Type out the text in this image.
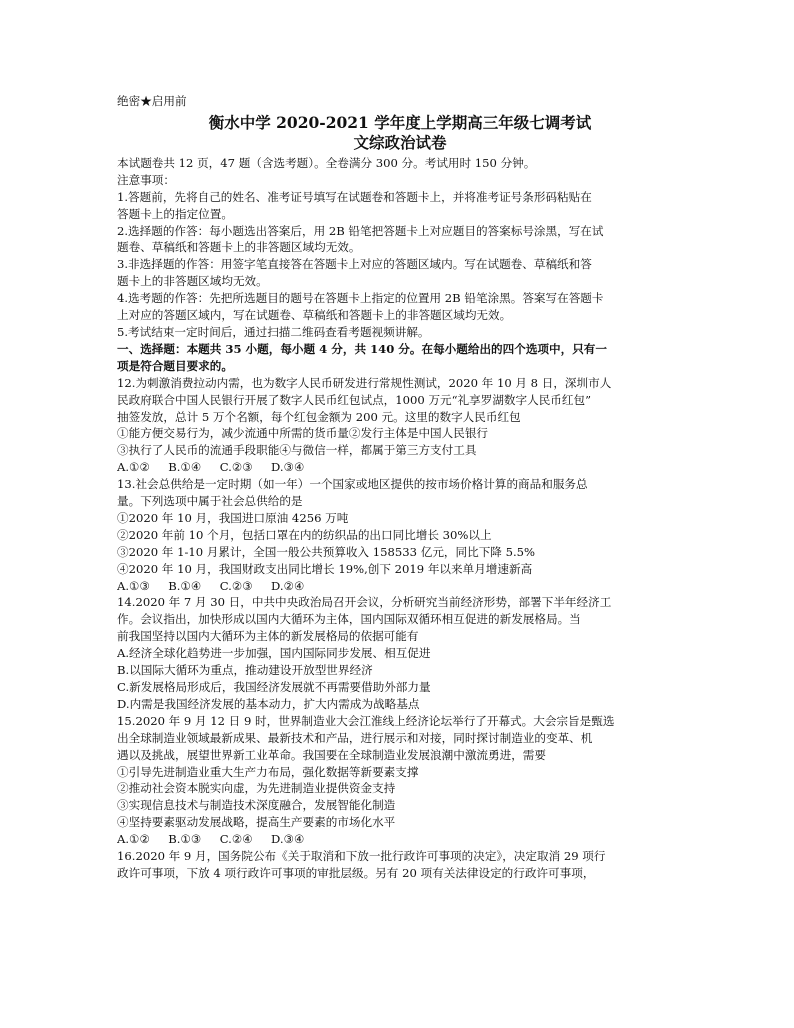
绝密★启用前
衡水中学 2020-2021 学年度上学期高三年级七调考试
文综政治试卷
本试题卷共 12 页，47 题（含选考题）。全卷满分 300 分。考试用时 150 分钟。
注意事项：
1.答题前，先将自己的姓名、准考证号填写在试题卷和答题卡上，并将准考证号条形码粘贴在
答题卡上的指定位置。
2.选择题的作答：每小题选出答案后，用 2B 铅笔把答题卡上对应题目的答案标号涂黑，写在试
题卷、草稿纸和答题卡上的非答题区域均无效。
3.非选择题的作答：用签字笔直接答在答题卡上对应的答题区域内。写在试题卷、草稿纸和答
题卡上的非答题区域均无效。
4.选考题的作答：先把所选题目的题号在答题卡上指定的位置用 2B 铅笔涂黑。答案写在答题卡
上对应的答题区域内，写在试题卷、草稿纸和答题卡上的非答题区域均无效。
5.考试结束一定时间后，通过扫描二维码查看考题视频讲解。
一、选择题：本题共 35 小题，每小题 4 分，共 140 分。在每小题给出的四个选项中，只有一
项是符合题目要求的。
12.为刺激消费拉动内需，也为数字人民币研发进行常规性测试，2020 年 10 月 8 日，深圳市人
民政府联合中国人民银行开展了数字人民币红包试点，1000 万元“礼享罗湖数字人民币红包”
抽签发放，总计 5 万个名额，每个红包金额为 200 元。这里的数字人民币红包
①能方便交易行为，减少流通中所需的货币量②发行主体是中国人民银行
③执行了人民币的流通手段职能④与微信一样，都属于第三方支付工具
A.①②     B.①④     C.②③     D.③④
13.社会总供给是一定时期（如一年）一个国家或地区提供的按市场价格计算的商品和服务总
量。下列选项中属于社会总供给的是
①2020 年 10 月，我国进口原油 4256 万吨
②2020 年前 10 个月，包括口罩在内的纺织品的出口同比增长 30%以上
③2020 年 1-10 月累计，全国一般公共预算收入 158533 亿元，同比下降 5.5%
④2020 年 10 月，我国财政支出同比增长 19%,创下 2019 年以来单月增速新高
A.①③     B.①④     C.②③     D.②④
14.2020 年 7 月 30 日，中共中央政治局召开会议，分析研究当前经济形势，部署下半年经济工
作。会议指出，加快形成以国内大循环为主体，国内国际双循环相互促进的新发展格局。当
前我国坚持以国内大循环为主体的新发展格局的依据可能有
A.经济全球化趋势进一步加强，国内国际同步发展、相互促进
B.以国际大循环为重点，推动建设开放型世界经济
C.新发展格局形成后，我国经济发展就不再需要借助外部力量
D.内需是我国经济发展的基本动力，扩大内需成为战略基点
15.2020 年 9 月 12 日 9 时，世界制造业大会江淮线上经济论坛举行了开幕式。大会宗旨是甄选
出全球制造业领域最新成果、最新技术和产品，进行展示和对接，同时探讨制造业的变革、机
遇以及挑战，展望世界新工业革命。我国要在全球制造业发展浪潮中激流勇进，需要
①引导先进制造业重大生产力布局，强化数据等新要素支撑
②推动社会资本脱实向虚，为先进制造业提供资金支持
③实现信息技术与制造技术深度融合，发展智能化制造
④坚持要素驱动发展战略，提高生产要素的市场化水平
A.①②     B.①③     C.②④     D.③④
16.2020 年 9 月，国务院公布《关于取消和下放一批行政许可事项的决定》，决定取消 29 项行
政许可事项，下放 4 项行政许可事项的审批层级。另有 20 项有关法律设定的行政许可事项，
